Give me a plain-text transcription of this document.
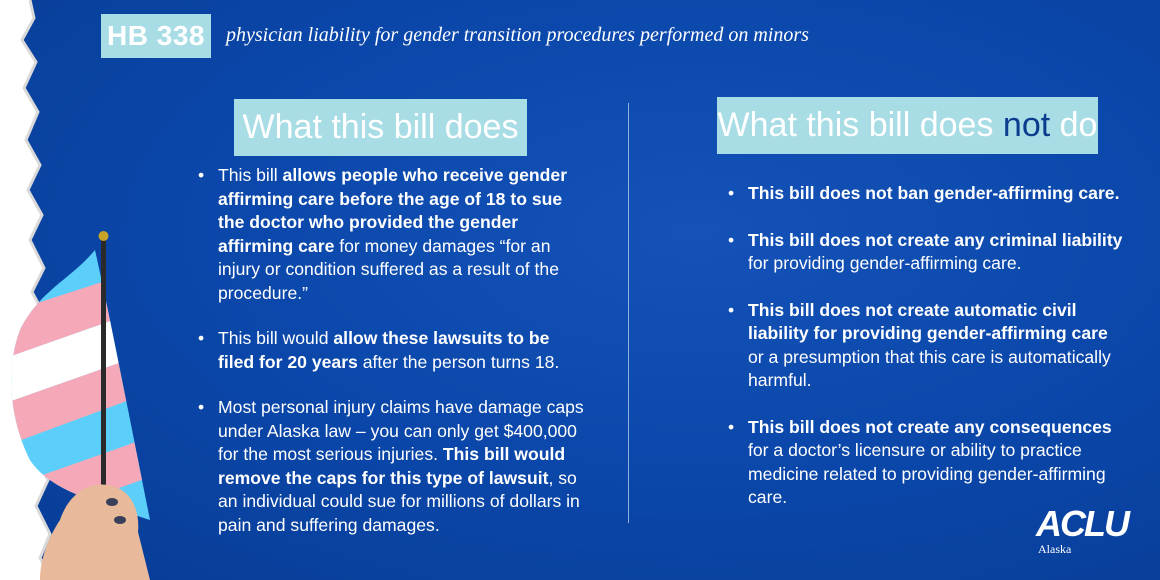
HB 338	physician liability for gender transition procedures performed on minors
What this bill does	What this bill does not do
• This bill allows people who receive gender affirming care before the age of 18 to sue the doctor who provided the gender affirming care for money damages “for an injury or condition suffered as a result of the procedure.”
• This bill would allow these lawsuits to be filed for 20 years after the person turns 18.
• Most personal injury claims have damage caps under Alaska law – you can only get $400,000 for the most serious injuries. This bill would remove the caps for this type of lawsuit, so an individual could sue for millions of dollars in pain and suffering damages.
• This bill does not ban gender-affirming care.
• This bill does not create any criminal liability for providing gender-affirming care.
• This bill does not create automatic civil liability for providing gender-affirming care or a presumption that this care is automatically harmful.
• This bill does not create any consequences for a doctor’s licensure or ability to practice medicine related to providing gender-affirming care.
ACLU
Alaska
